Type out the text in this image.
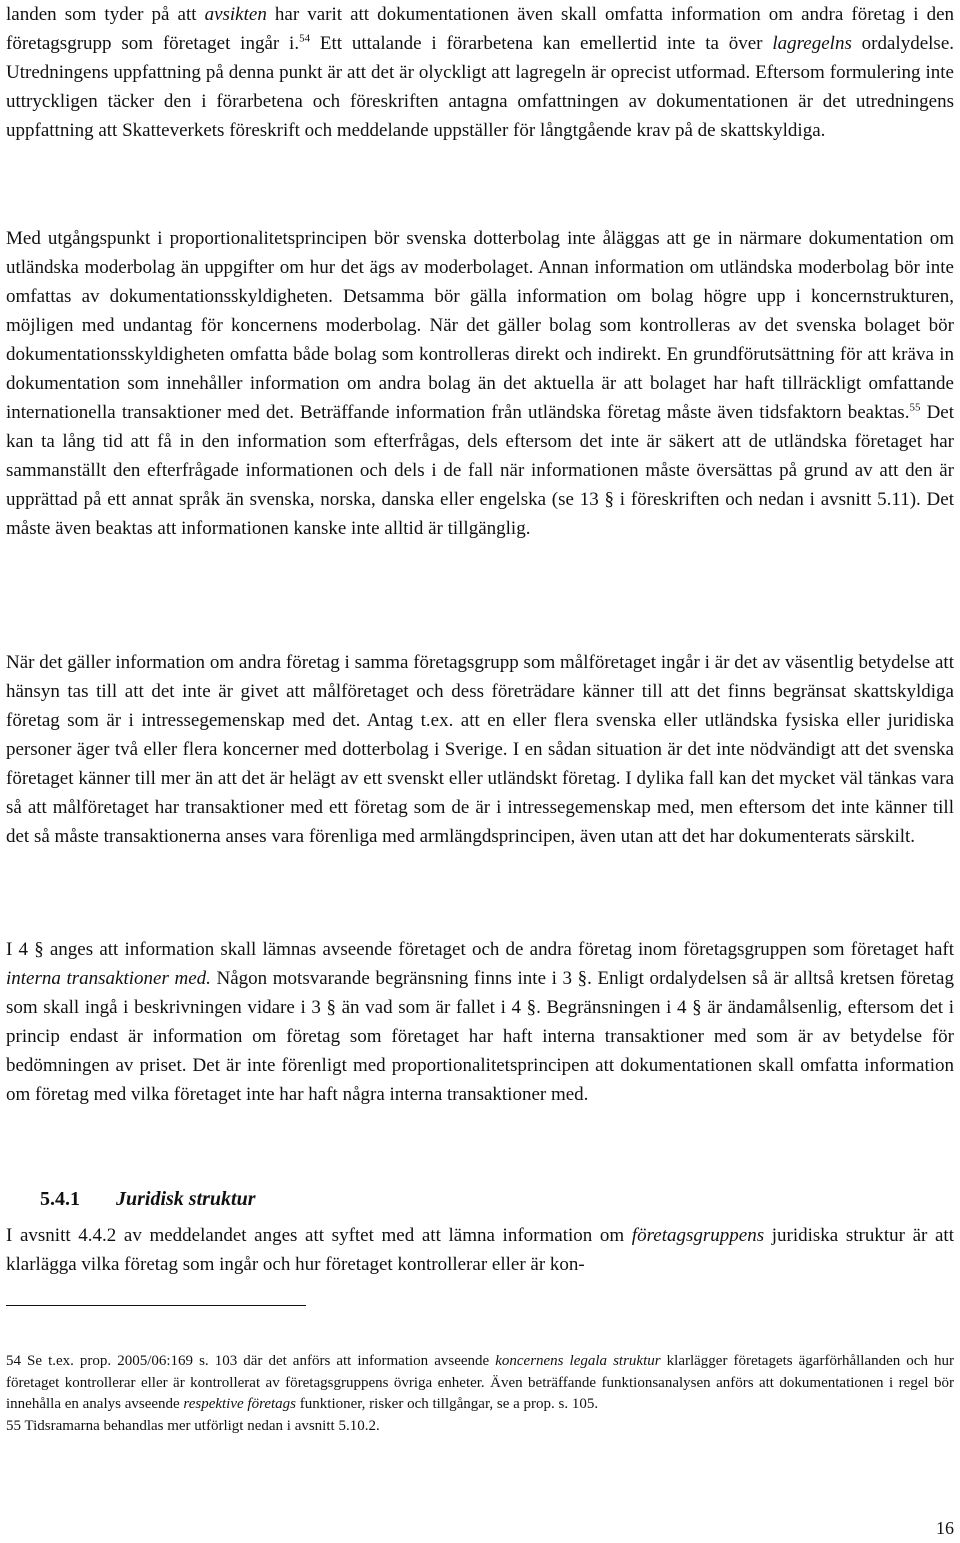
landen som tyder på att avsikten har varit att dokumentationen även skall omfatta information om andra företag i den företagsgrupp som företaget ingår i.$^{54}$ Ett uttalande i förarbetena kan emellertid inte ta över lagregelns ordalydelse. Utredningens uppfattning på denna punkt är att det är olyckligt att lagregeln är oprecist utformad. Eftersom formulering inte uttryckligen täcker den i förarbetena och föreskriften antagna omfattningen av dokumentationen är det utredningens uppfattning att Skatteverkets föreskrift och meddelande uppställer för långtgående krav på de skattskyldiga.

Med utgångspunkt i proportionalitetsprincipen bör svenska dotterbolag inte åläggas att ge in närmare dokumentation om utländska moderbolag än uppgifter om hur det ägs av moderbolaget. Annan information om utländska moderbolag bör inte omfattas av dokumentationsskyldigheten. Detsamma bör gälla information om bolag högre upp i koncernstrukturen, möjligen med undantag för koncernens moderbolag. När det gäller bolag som kontrolleras av det svenska bolaget bör dokumentationsskyldigheten omfatta både bolag som kontrolleras direkt och indirekt. En grundförutsättning för att kräva in dokumentation som innehåller information om andra bolag än det aktuella är att bolaget har haft tillräckligt omfattande internationella transaktioner med det. Beträffande information från utländska företag måste även tidsfaktorn beaktas.$^{55}$ Det kan ta lång tid att få in den information som efterfrågas, dels eftersom det inte är säkert att de utländska företaget har sammanställt den efterfrågade informationen och dels i de fall när informationen måste översättas på grund av att den är upprättad på ett annat språk än svenska, norska, danska eller engelska (se 13 § i föreskriften och nedan i avsnitt 5.11). Det måste även beaktas att informationen kanske inte alltid är tillgänglig.

När det gäller information om andra företag i samma företagsgrupp som målföretaget ingår i är det av väsentlig betydelse att hänsyn tas till att det inte är givet att målföretaget och dess företrädare känner till att det finns begränsat skattskyldiga företag som är i intressegemenskap med det. Antag t.ex. att en eller flera svenska eller utländska fysiska eller juridiska personer äger två eller flera koncerner med dotterbolag i Sverige. I en sådan situation är det inte nödvändigt att det svenska företaget känner till mer än att det är helägt av ett svenskt eller utländskt företag. I dylika fall kan det mycket väl tänkas vara så att målföretaget har transaktioner med ett företag som de är i intressegemenskap med, men eftersom det inte känner till det så måste transaktionerna anses vara förenliga med armlängdsprincipen, även utan att det har dokumenterats särskilt.

I 4 § anges att information skall lämnas avseende företaget och de andra företag inom företagsgruppen som företaget haft interna transaktioner med. Någon motsvarande begränsning finns inte i 3 §. Enligt ordalydelsen så är alltså kretsen företag som skall ingå i beskrivningen vidare i 3 § än vad som är fallet i 4 §. Begränsningen i 4 § är ändamålsenlig, eftersom det i princip endast är information om företag som företaget har haft interna transaktioner med som är av betydelse för bedömningen av priset. Det är inte förenligt med proportionalitetsprincipen att dokumentationen skall omfatta information om företag med vilka företaget inte har haft några interna transaktioner med.

5.4.1 Juridisk struktur

I avsnitt 4.4.2 av meddelandet anges att syftet med att lämna information om företagsgruppens juridiska struktur är att klarlägga vilka företag som ingår och hur företaget kontrollerar eller är kon-

54 Se t.ex. prop. 2005/06:169 s. 103 där det anförs att information avseende koncernens legala struktur klarlägger företagets ägarförhållanden och hur företaget kontrollerar eller är kontrollerat av företagsgruppens övriga enheter. Även beträffande funktionsanalysen anförs att dokumentationen i regel bör innehålla en analys avseende respektive företags funktioner, risker och tillgångar, se a prop. s. 105.

55 Tidsramarna behandlas mer utförligt nedan i avsnitt 5.10.2.

16
